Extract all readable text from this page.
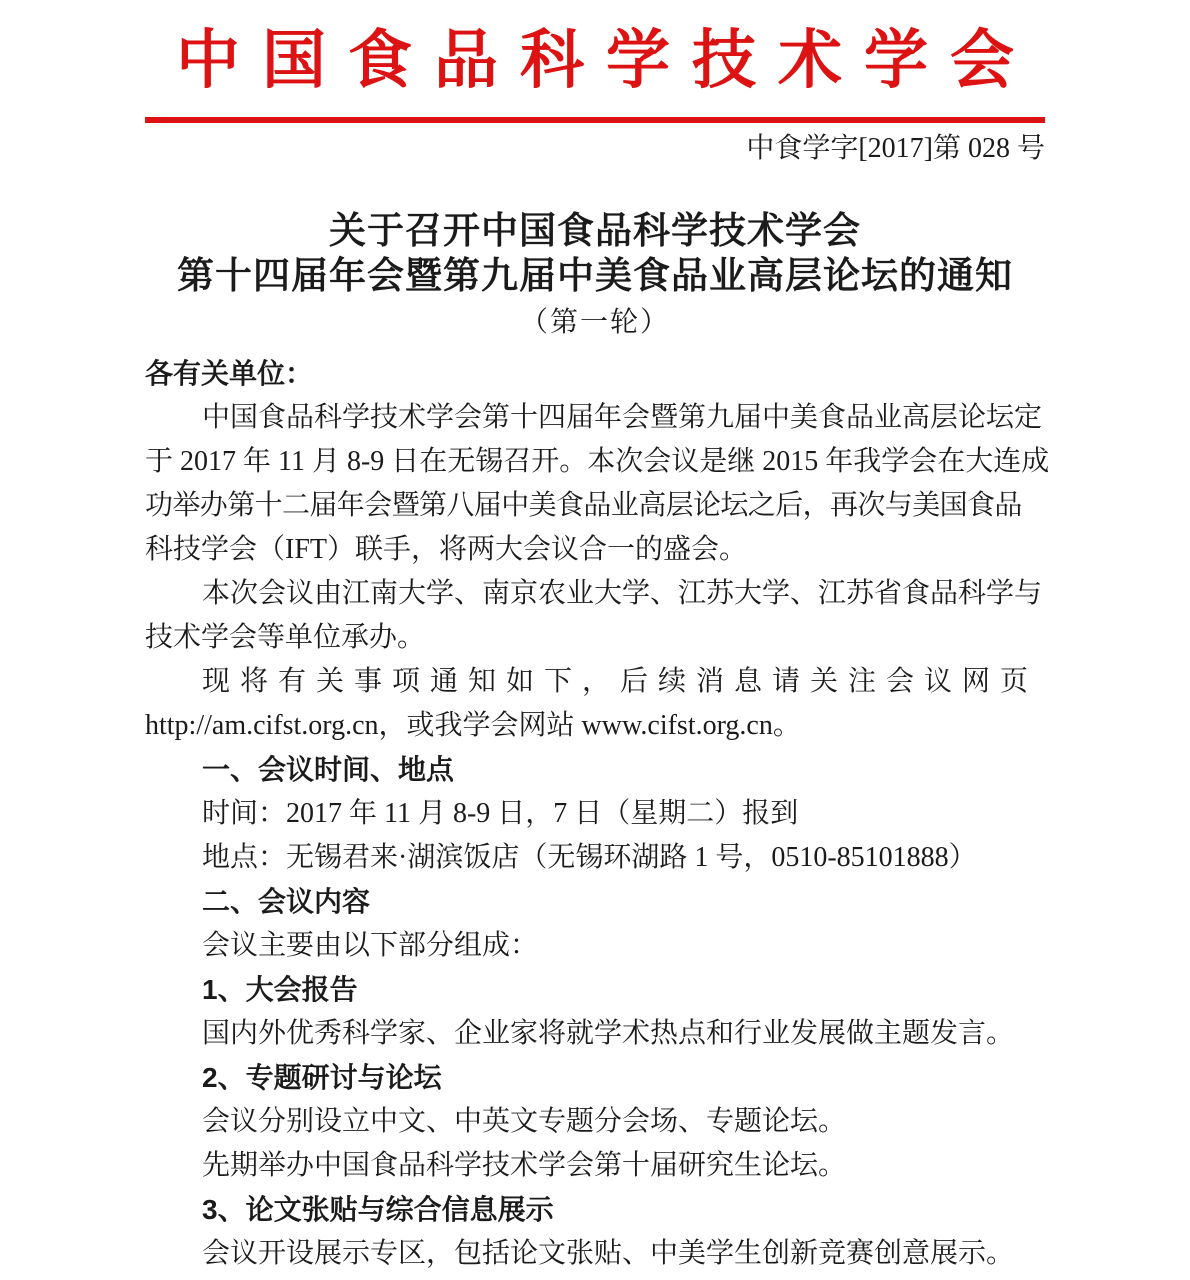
中国食品科学技术学会
中食学字[2017]第 028 号
关于召开中国食品科学技术学会
第十四届年会暨第九届中美食品业高层论坛的通知
（第一轮）
各有关单位：
中国食品科学技术学会第十四届年会暨第九届中美食品业高层论坛定
于 2017 年 11 月 8-9 日在无锡召开。本次会议是继 2015 年我学会在大连成
功举办第十二届年会暨第八届中美食品业高层论坛之后，再次与美国食品
科技学会（IFT）联手，将两大会议合一的盛会。
本次会议由江南大学、南京农业大学、江苏大学、江苏省食品科学与
技术学会等单位承办。
现将有关事项通知如下，后续消息请关注会议网页
http://am.cifst.org.cn，或我学会网站 www.cifst.org.cn。
一、会议时间、地点
时间：2017 年 11 月 8-9 日，7 日（星期二）报到
地点：无锡君来·湖滨饭店（无锡环湖路 1 号，0510-85101888）
二、会议内容
会议主要由以下部分组成：
1、大会报告
国内外优秀科学家、企业家将就学术热点和行业发展做主题发言。
2、专题研讨与论坛
会议分别设立中文、中英文专题分会场、专题论坛。
先期举办中国食品科学技术学会第十届研究生论坛。
3、论文张贴与综合信息展示
会议开设展示专区，包括论文张贴、中美学生创新竞赛创意展示。
